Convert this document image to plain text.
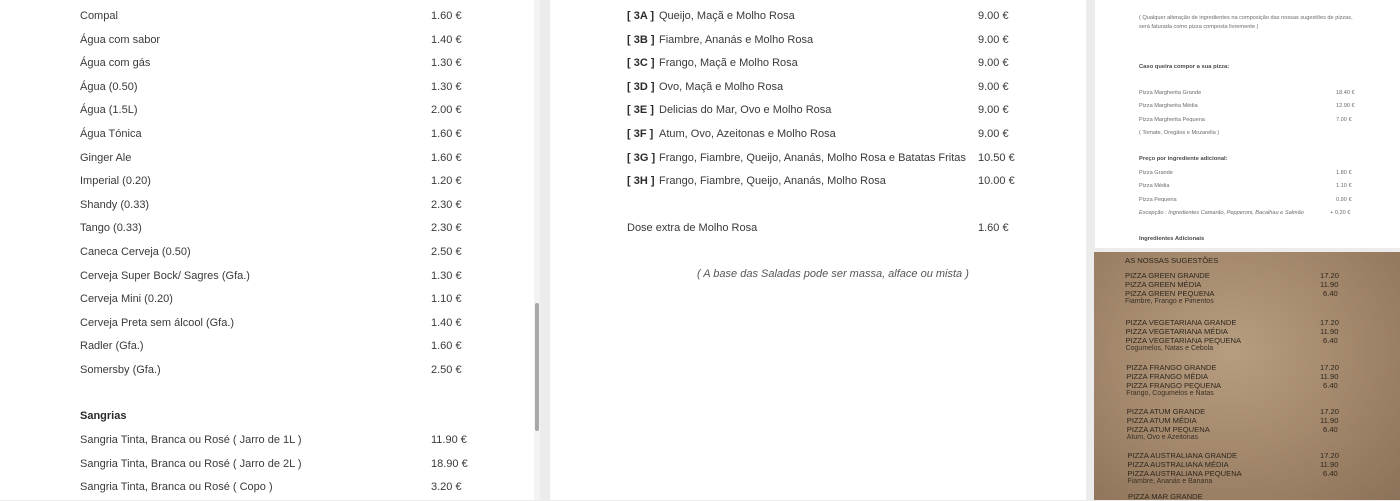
Compal	1.60 €
Água com sabor	1.40 €
Água com gás	1.30 €
Água (0.50)	1.30 €
Água (1.5L)	2.00 €
Água Tónica	1.60 €
Ginger Ale	1.60 €
Imperial (0.20)	1.20 €
Shandy (0.33)	2.30 €
Tango (0.33)	2.30 €
Caneca Cerveja (0.50)	2.50 €
Cerveja Super Bock/ Sagres (Gfa.)	1.30 €
Cerveja Mini (0.20)	1.10 €
Cerveja Preta sem álcool (Gfa.)	1.40 €
Radler (Gfa.)	1.60 €
Somersby (Gfa.)	2.50 €
Sangrias
Sangria Tinta, Branca ou Rosé ( Jarro de 1L )	11.90 €
Sangria Tinta, Branca ou Rosé ( Jarro de 2L )	18.90 €
Sangria Tinta, Branca ou Rosé ( Copo )	3.20 €
[ 3A ] Queijo, Maçã e Molho Rosa	9.00 €
[ 3B ] Fiambre, Ananás e Molho Rosa	9.00 €
[ 3C ] Frango, Maçã e Molho Rosa	9.00 €
[ 3D ] Ovo, Maçã e Molho Rosa	9.00 €
[ 3E ] Delicias do Mar, Ovo e Molho Rosa	9.00 €
[ 3F ] Atum, Ovo, Azeitonas e Molho Rosa	9.00 €
[ 3G ] Frango, Fiambre, Queijo, Ananás, Molho Rosa e Batatas Fritas 10.50 €
[ 3H ] Frango, Fiambre, Queijo, Ananás, Molho Rosa	10.00 €
Dose extra de Molho Rosa	1.60 €
( A base das Saladas pode ser massa, alface ou mista )
( Qualquer alteração de ingredientes na composição das nossas sugestões de pizzas,
será faturada como pizza composta livremente )
Caso queira compor a sua pizza:
Pizza Margherita Grande	18.40 €
Pizza Margherita Média	12.90 €
Pizza Margherita Pequena	7.00 €
( Tomate, Oregãos e Mozarella )
Preço por ingrediente adicional:
Pizza Grande	1.80 €
Pizza Média	1.10 €
Pizza Pequena	0.90 €
Excepção : Ingredientes Camarão, Pepperoni, Bacalhau e Salmão	+ 0.20 €
Ingredientes Adicionais
AS NOSSAS SUGESTÕES
PIZZA GREEN GRANDE	17.20
PIZZA GREEN MÉDIA	11.90
PIZZA GREEN PEQUENA	6.40
Fiambre, Frango e Pimentos
PIZZA VEGETARIANA GRANDE	17.20
PIZZA VEGETARIANA MÉDIA	11.90
PIZZA VEGETARIANA PEQUENA	6.40
Cogumelos, Natas e Cebola
PIZZA FRANGO GRANDE	17.20
PIZZA FRANGO MÉDIA	11.90
PIZZA FRANGO PEQUENA	6.40
Frango, Cogumelos e Natas
PIZZA ATUM GRANDE	17.20
PIZZA ATUM MÉDIA	11.90
PIZZA ATUM PEQUENA	6.40
Atum, Ovo e Azeitonas
PIZZA AUSTRALIANA GRANDE	17.20
PIZZA AUSTRALIANA MÉDIA	11.90
PIZZA AUSTRALIANA PEQUENA	6.40
Fiambre, Ananás e Banana
PIZZA MAR GRANDE
